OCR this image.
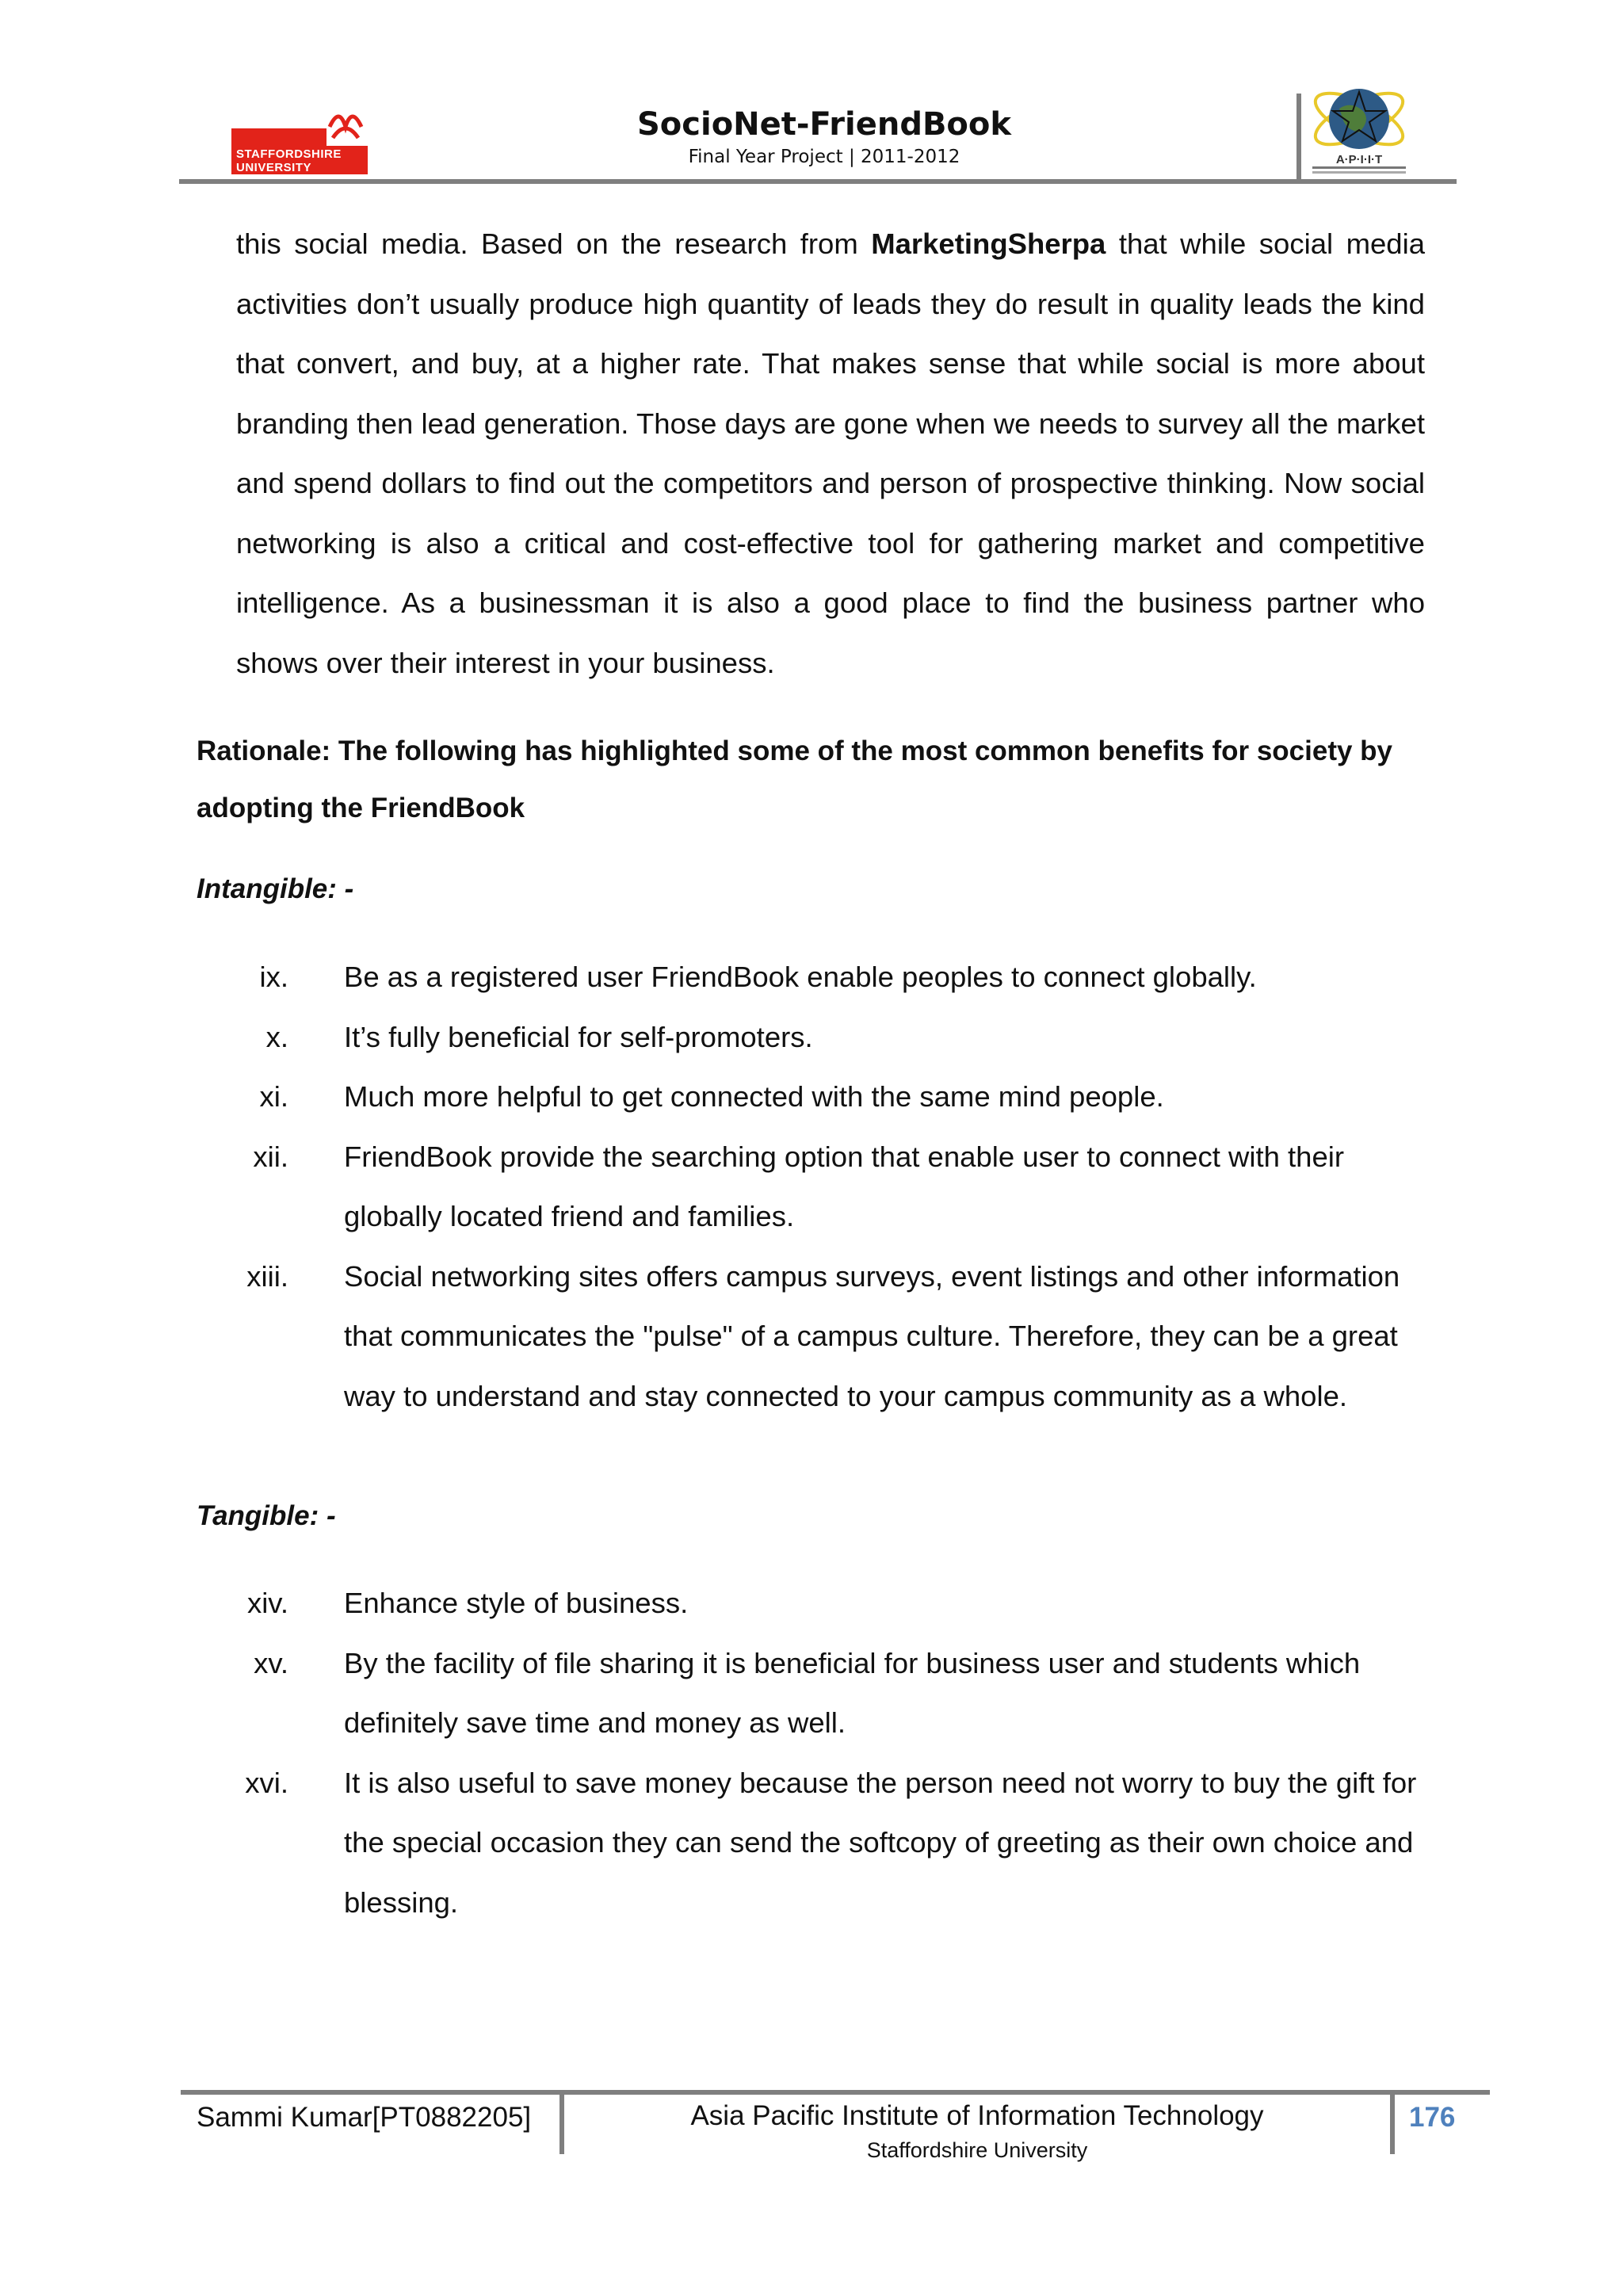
STAFFORDSHIRE
UNIVERSITY
SocioNet-FriendBook
Final Year Project | 2011-2012	A·P·I·I·T
this social media. Based on the research from MarketingSherpa that while social media activities don’t usually produce high quantity of leads they do result in quality leads the kind that convert, and buy, at a higher rate. That makes sense that while social is more about branding then lead generation. Those days are gone when we needs to survey all the market and spend dollars to find out the competitors and person of prospective thinking. Now social networking is also a critical and cost-effective tool for gathering market and competitive intelligence. As a businessman it is also a good place to find the business partner who shows over their interest in your business.
Rationale: The following has highlighted some of the most common benefits for society by adopting the FriendBook
Intangible: -
ix. Be as a registered user FriendBook enable peoples to connect globally.
x. It’s fully beneficial for self-promoters.
xi. Much more helpful to get connected with the same mind people.
xii. FriendBook provide the searching option that enable user to connect with their globally located friend and families.
xiii. Social networking sites offers campus surveys, event listings and other information that communicates the "pulse" of a campus culture. Therefore, they can be a great way to understand and stay connected to your campus community as a whole.
Tangible: -
xiv. Enhance style of business.
xv. By the facility of file sharing it is beneficial for business user and students which definitely save time and money as well.
xvi. It is also useful to save money because the person need not worry to buy the gift for the special occasion they can send the softcopy of greeting as their own choice and blessing.
Sammi Kumar[PT0882205]	Asia Pacific Institute of Information Technology
Staffordshire University
176
